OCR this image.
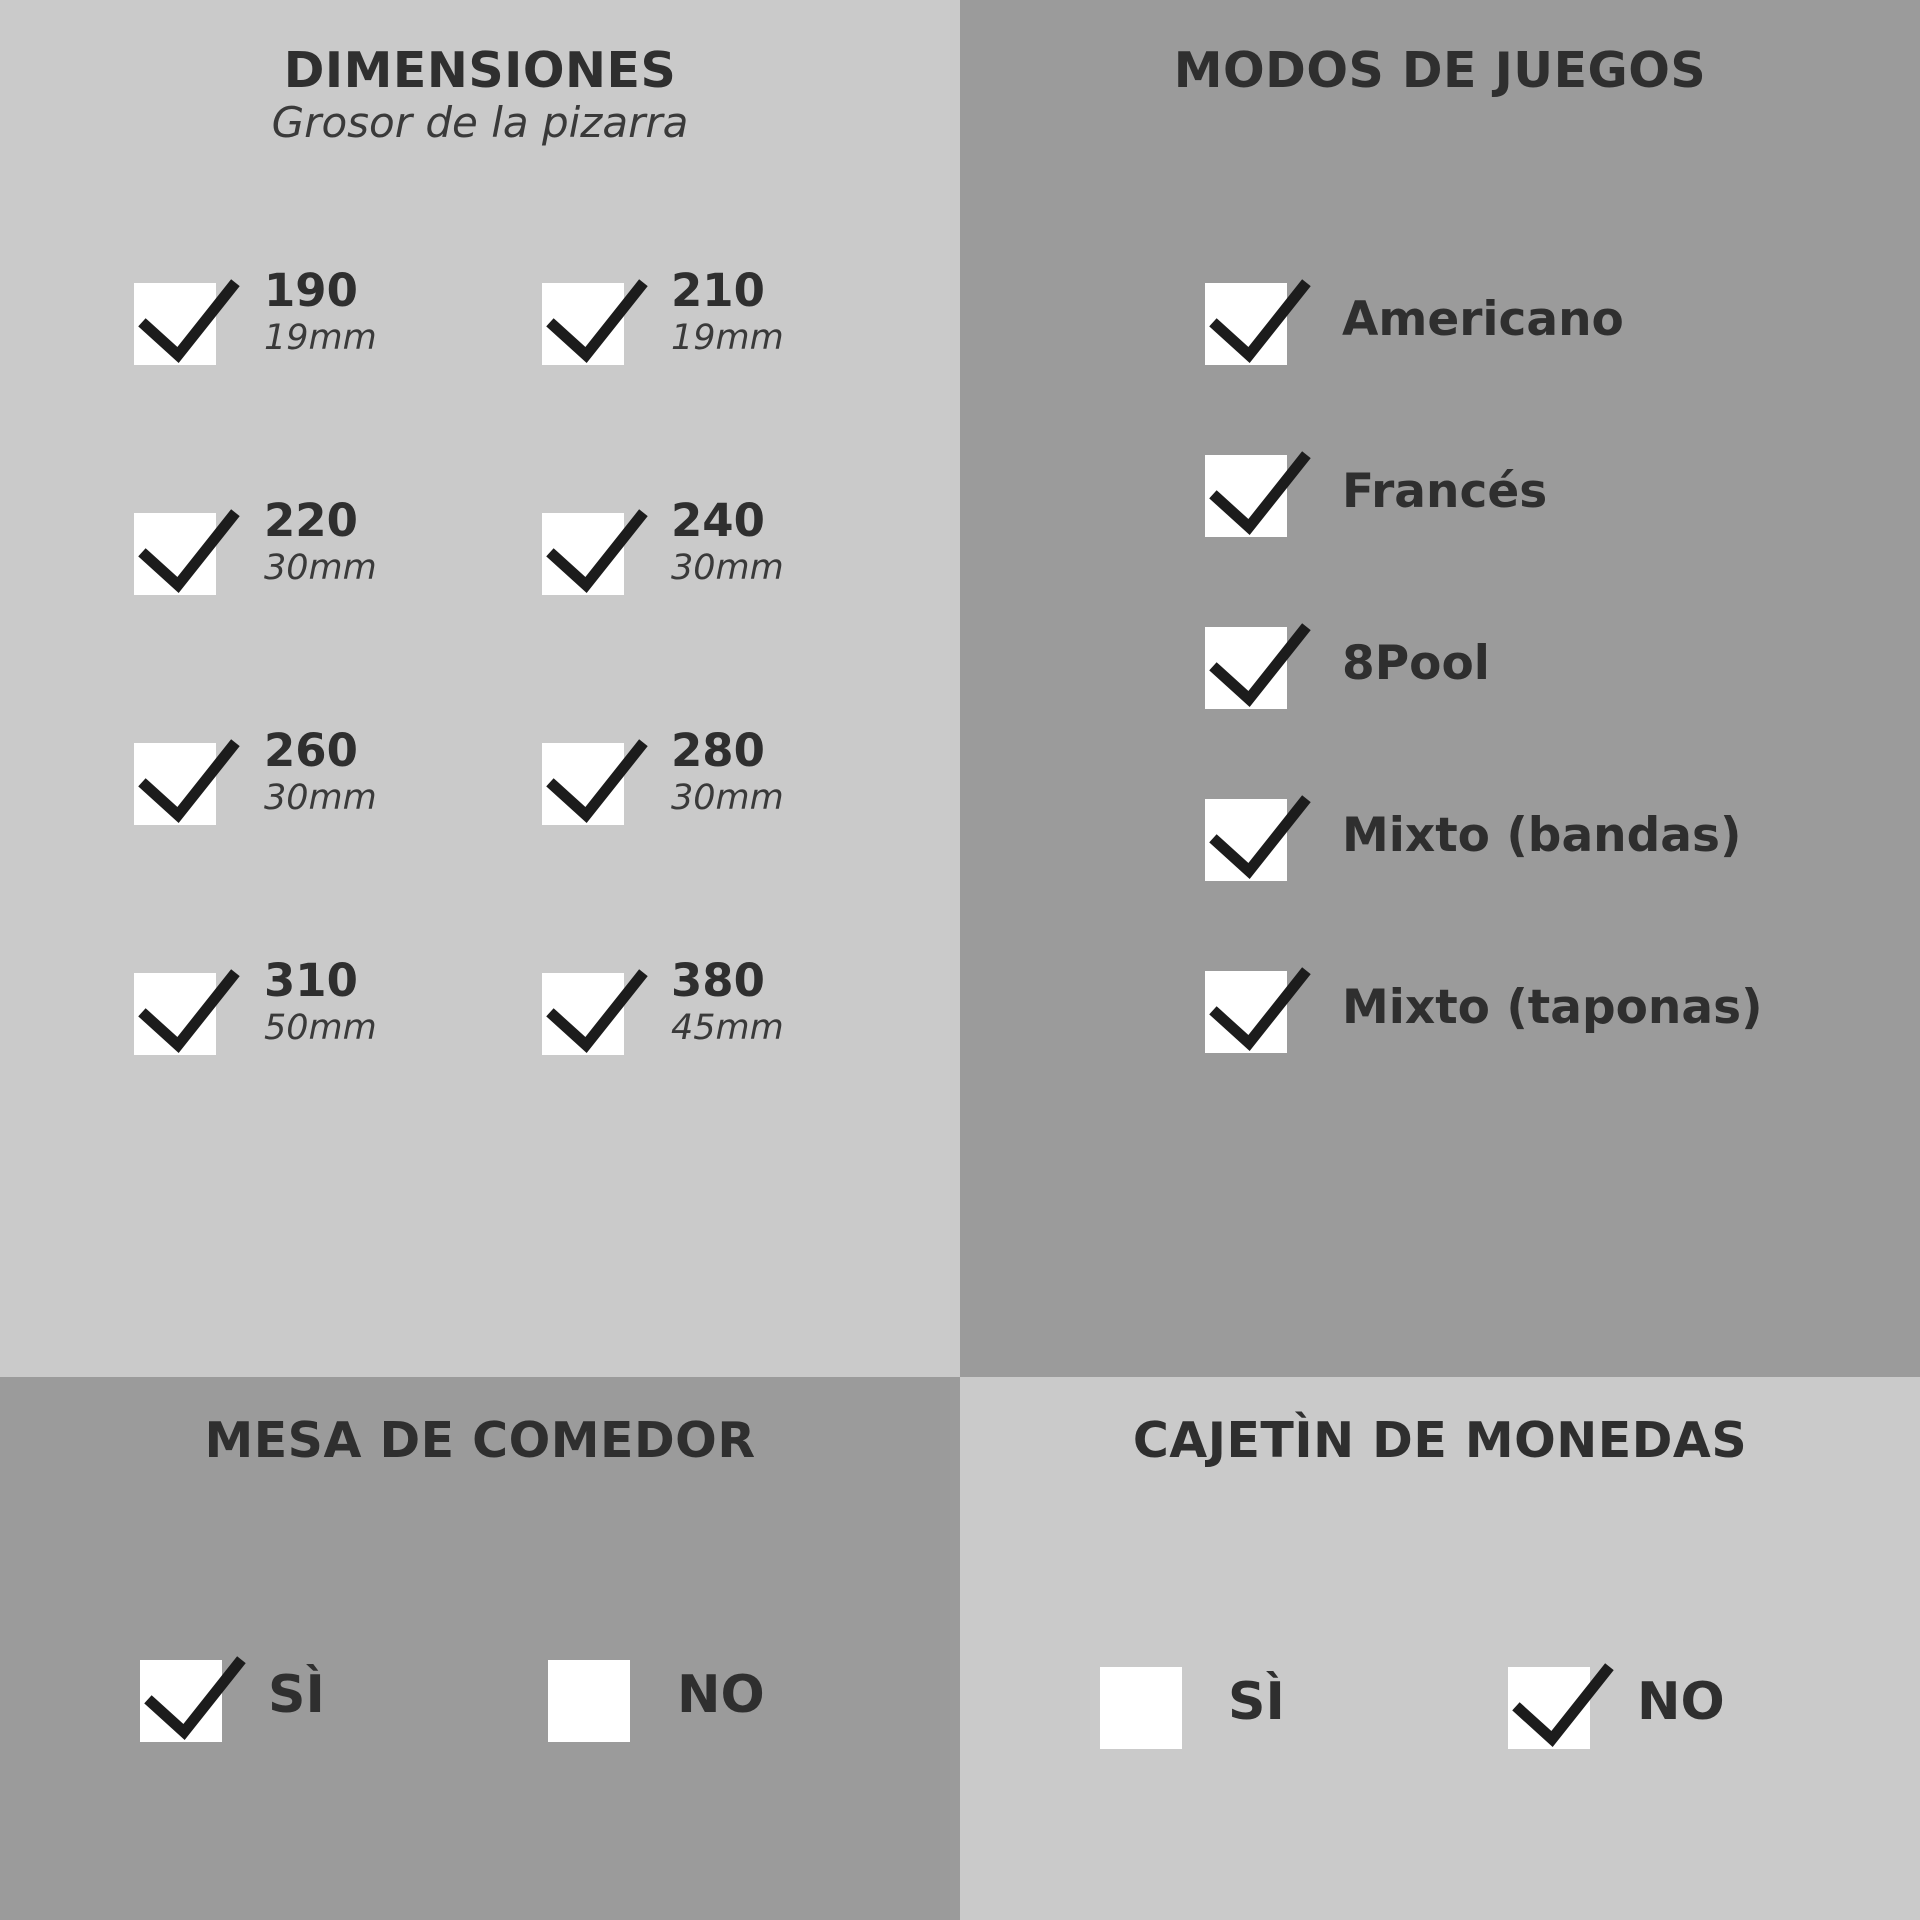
DIMENSIONES
Grosor de la pizarra
190
19mm
210
19mm
220
30mm
240
30mm
260
30mm
280
30mm
310
50mm
380
45mm
MODOS DE JUEGOS
Americano
Francés
8Pool
Mixto (bandas)
Mixto (taponas)
MESA DE COMEDOR
SÌ	NO
CAJETÌN DE MONEDAS
SÌ	NO
